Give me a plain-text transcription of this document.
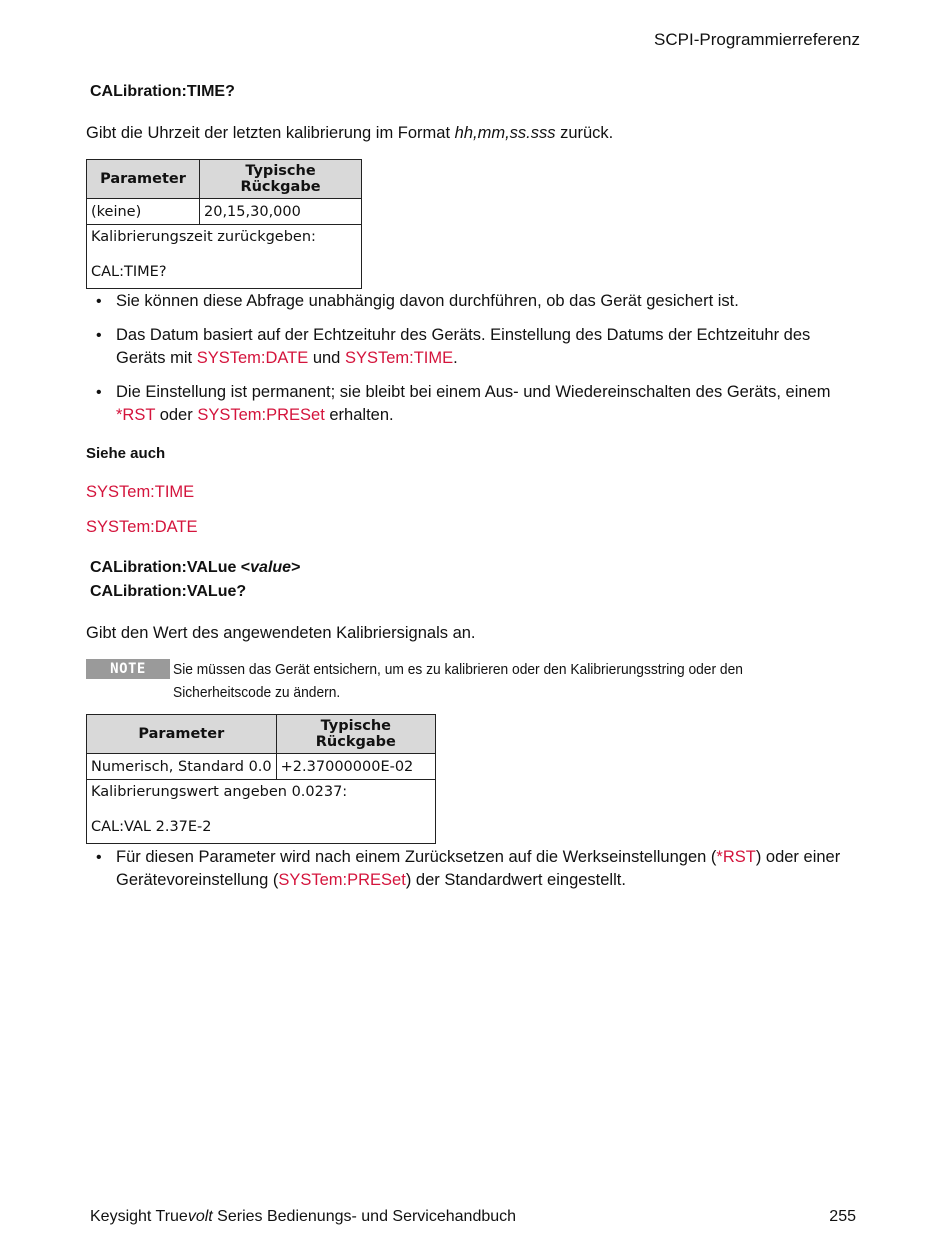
SCPI-Programmierreferenz
CALibration:TIME?
Gibt die Uhrzeit der letzten kalibrierung im Format hh,mm,ss.sss zurück.
Parameter	Typische Rückgabe
(keine)	20,15,30,000
Kalibrierungszeit zurückgeben:
CAL:TIME?	
• Sie können diese Abfrage unabhängig davon durchführen, ob das Gerät gesichert ist.
• Das Datum basiert auf der Echtzeituhr des Geräts. Einstellung des Datums der Echtzeituhr des Geräts mit SYSTem:DATE und SYSTem:TIME.
• Die Einstellung ist permanent; sie bleibt bei einem Aus- und Wiedereinschalten des Geräts, einem *RST oder SYSTem:PRESet erhalten.
Siehe auch
SYSTem:TIME
SYSTem:DATE
CALibration:VALue <value>
CALibration:VALue?
Gibt den Wert des angewendeten Kalibriersignals an.
NOTE	Sie müssen das Gerät entsichern, um es zu kalibrieren oder den Kalibrierungsstring oder den Sicherheitscode zu ändern.
Parameter	Typische Rückgabe
Numerisch, Standard 0.0	+2.37000000E-02
Kalibrierungswert angeben 0.0237:
CAL:VAL 2.37E-2	
• Für diesen Parameter wird nach einem Zurücksetzen auf die Werkseinstellungen (*RST) oder einer Gerätevoreinstellung (SYSTem:PRESet) der Standardwert eingestellt.
Keysight Truevolt Series Bedienungs- und Servicehandbuch	255
